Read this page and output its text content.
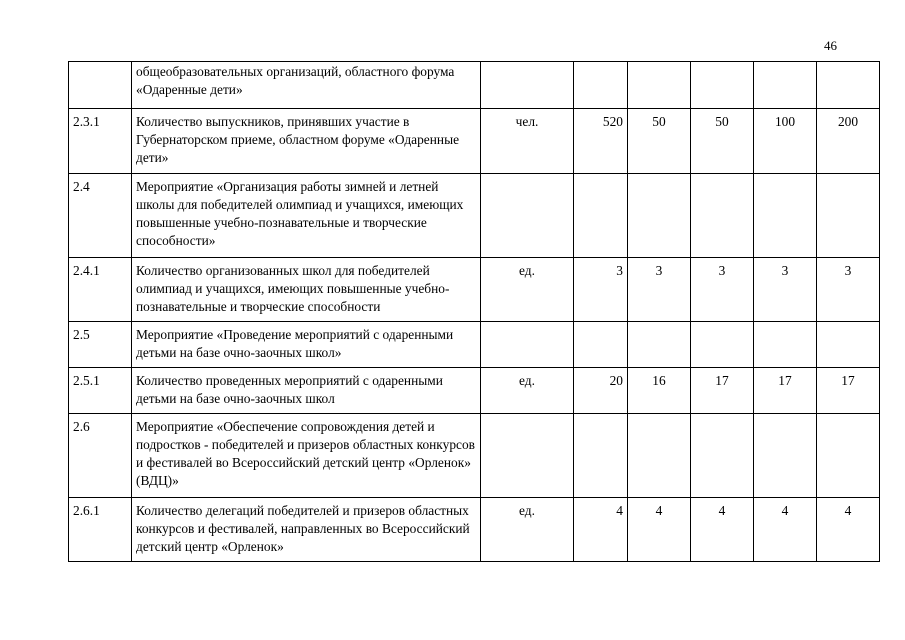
46
	общеобразовательных организаций, областного форума «Одаренные дети»						
2.3.1	Количество выпускников, принявших участие в Губернаторском приеме, областном форуме «Одаренные дети»	чел.	520	50	50	100	200
2.4	Мероприятие «Организация работы зимней и летней школы для победителей олимпиад и учащихся, имеющих повышенные учебно-познавательные и творческие способности»						
2.4.1	Количество организованных школ для победителей олимпиад и учащихся, имеющих повышенные учебно-познавательные и творческие способности	ед.	3	3	3	3	3
2.5	Мероприятие «Проведение мероприятий с одаренными детьми на базе очно-заочных школ»						
2.5.1	Количество проведенных мероприятий с одаренными детьми на базе очно-заочных школ	ед.	20	16	17	17	17
2.6	Мероприятие «Обеспечение сопровождения детей и подростков - победителей и призеров областных конкурсов и фестивалей во Всероссийский детский центр «Орленок» (ВДЦ)»						
2.6.1	Количество делегаций победителей и призеров областных конкурсов и фестивалей, направленных во Всероссийский детский центр «Орленок»	ед.	4	4	4	4	4
